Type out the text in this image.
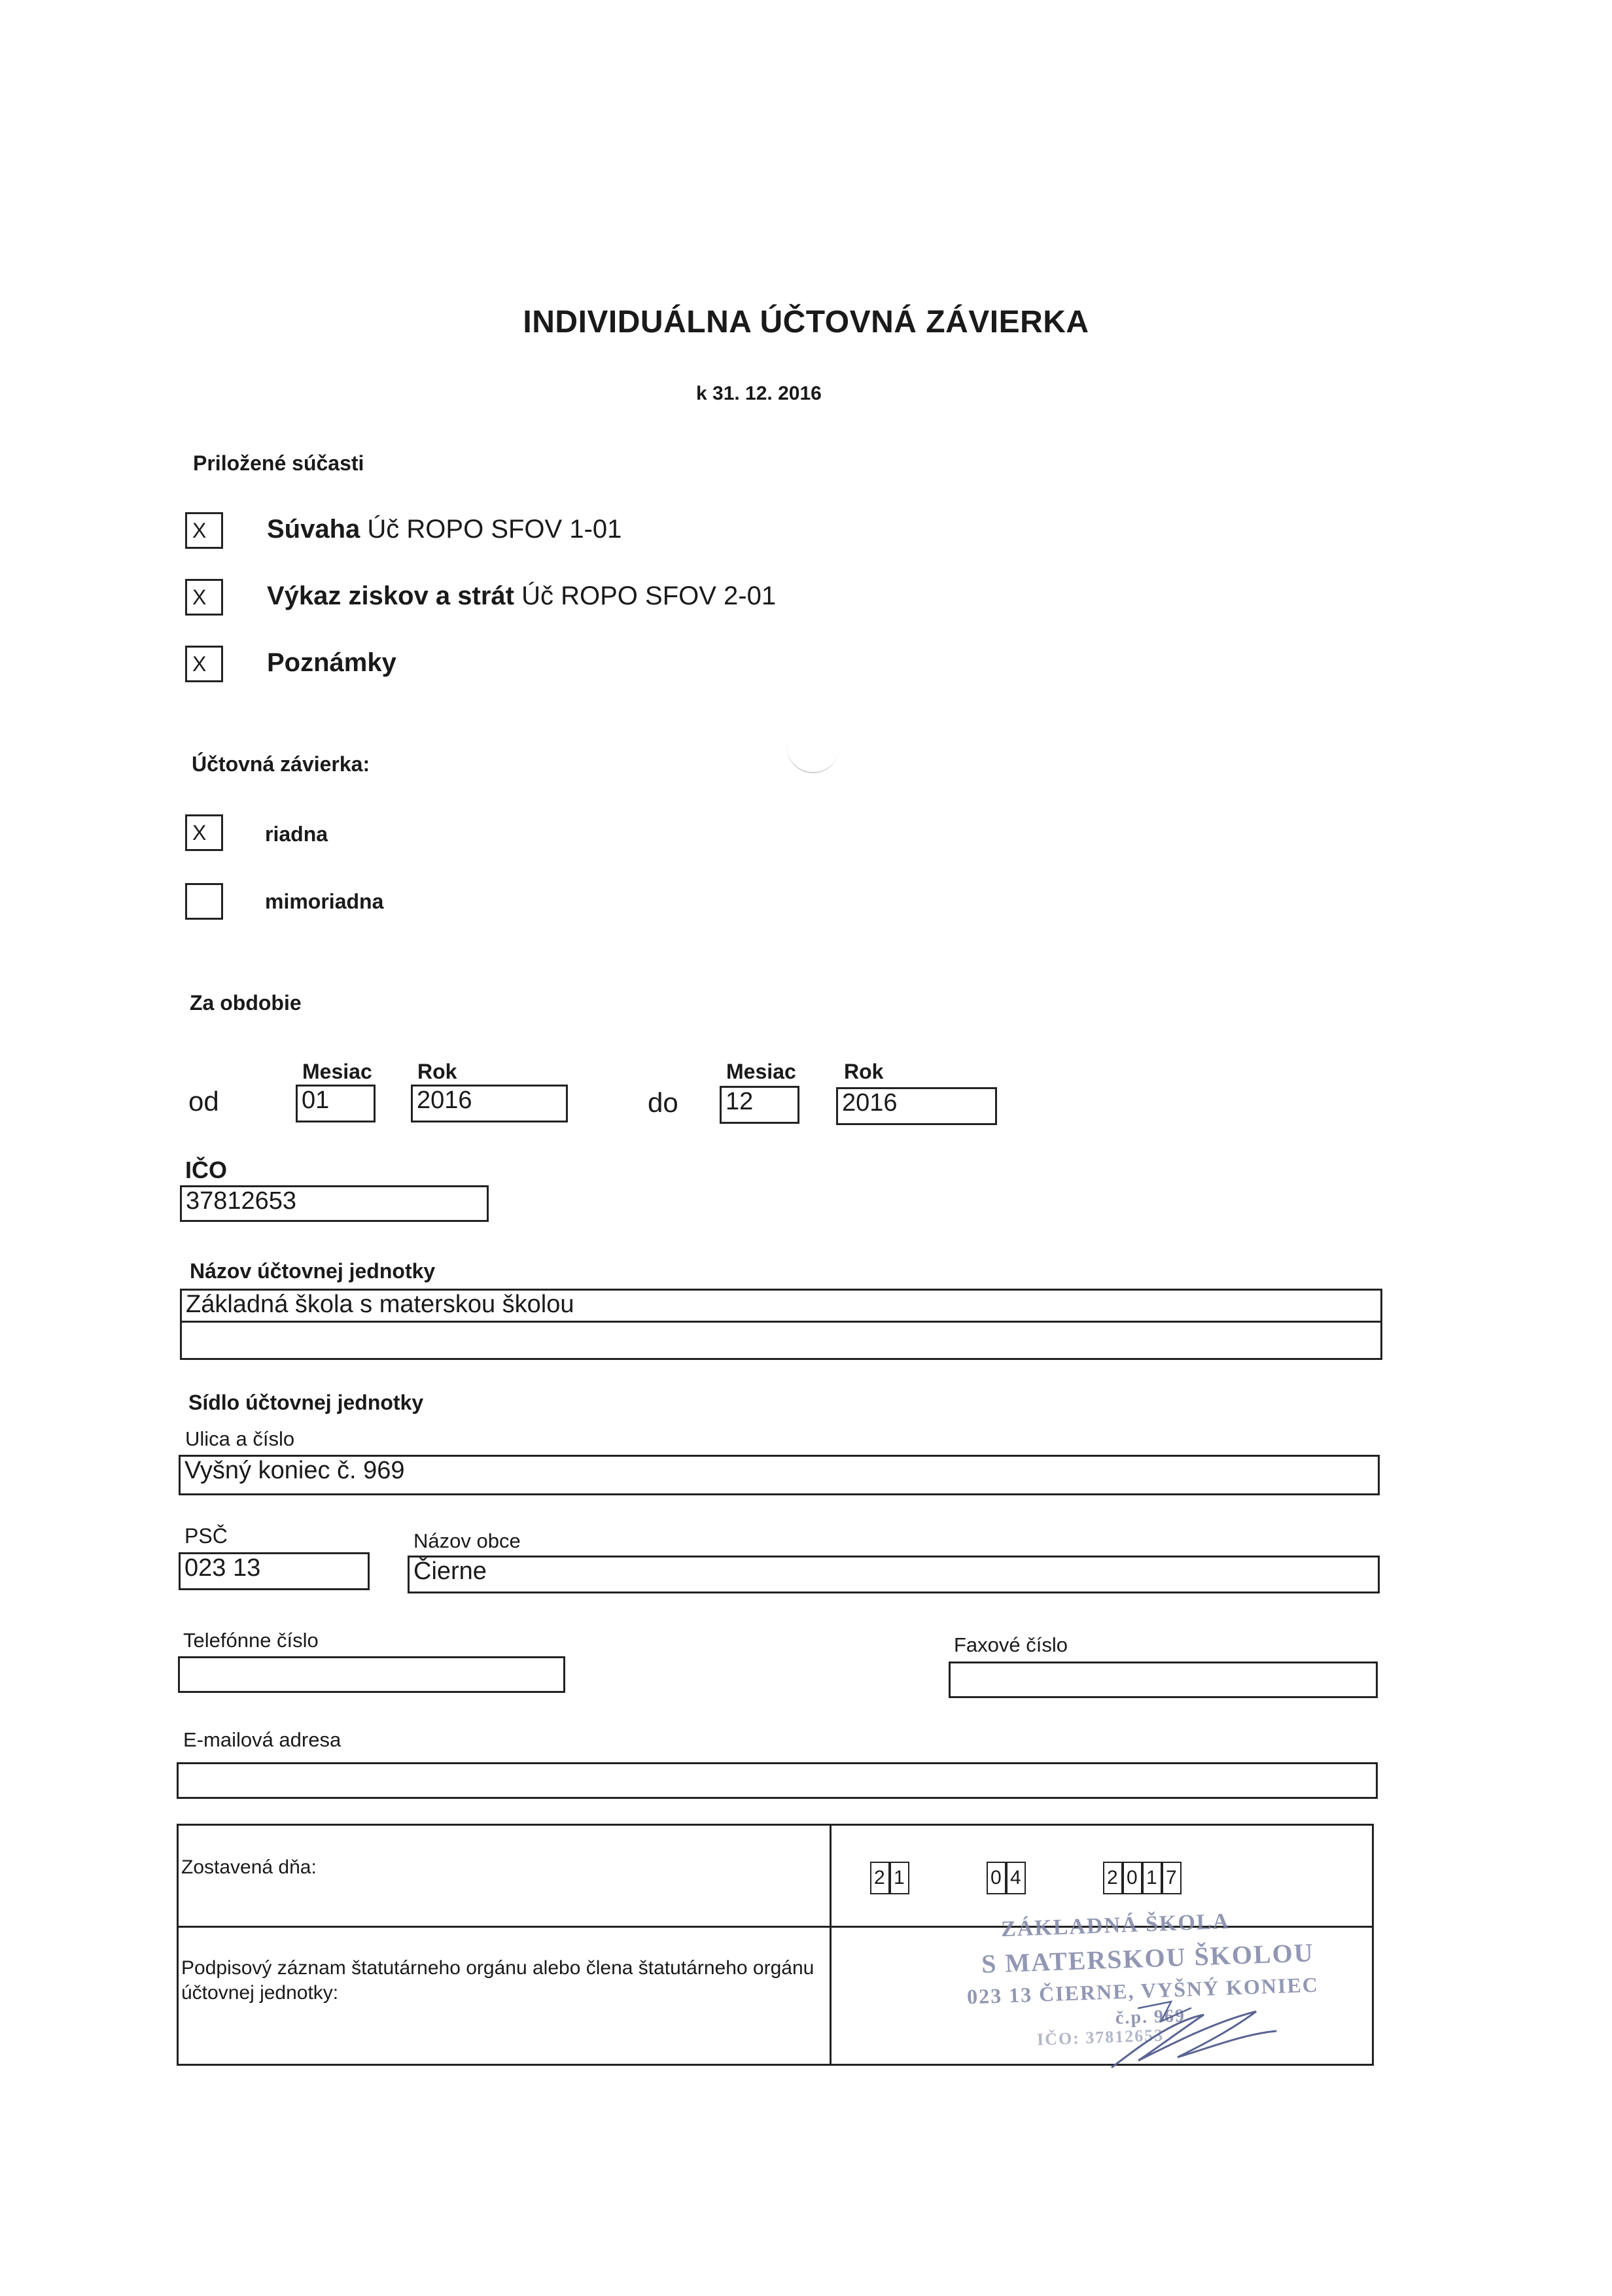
INDIVIDUÁLNA ÚČTOVNÁ ZÁVIERKA
k 31. 12. 2016
Priložené súčasti
X	Súvaha Úč ROPO SFOV 1-01
X	Výkaz ziskov a strát Úč ROPO SFOV 2-01
X	Poznámky
Účtovná závierka:
X	riadna
mimoriadna
Za obdobie
Mesiac Rok	Mesiac Rok
od	01	2016	do 12	2016
IČO
37812653
Názov účtovnej jednotky
Základná škola s materskou školou
Sídlo účtovnej jednotky
Ulica a číslo
Vyšný koniec č. 969
PSČ
023 13
Názov obce
Čierne
Telefónne číslo	Faxové číslo
E-mailová adresa
Zostavená dňa:	2 1	0 4	2 0 1 7
Podpisový záznam štatutárneho orgánu alebo člena štatutárneho orgánu účtovnej jednotky:
ZÁKLADNÁ ŠKOLA
S MATERSKOU ŠKOLOU
023 13 ČIERNE, VYŠNÝ KONIEC
č.p. 969
IČO: 37812653
